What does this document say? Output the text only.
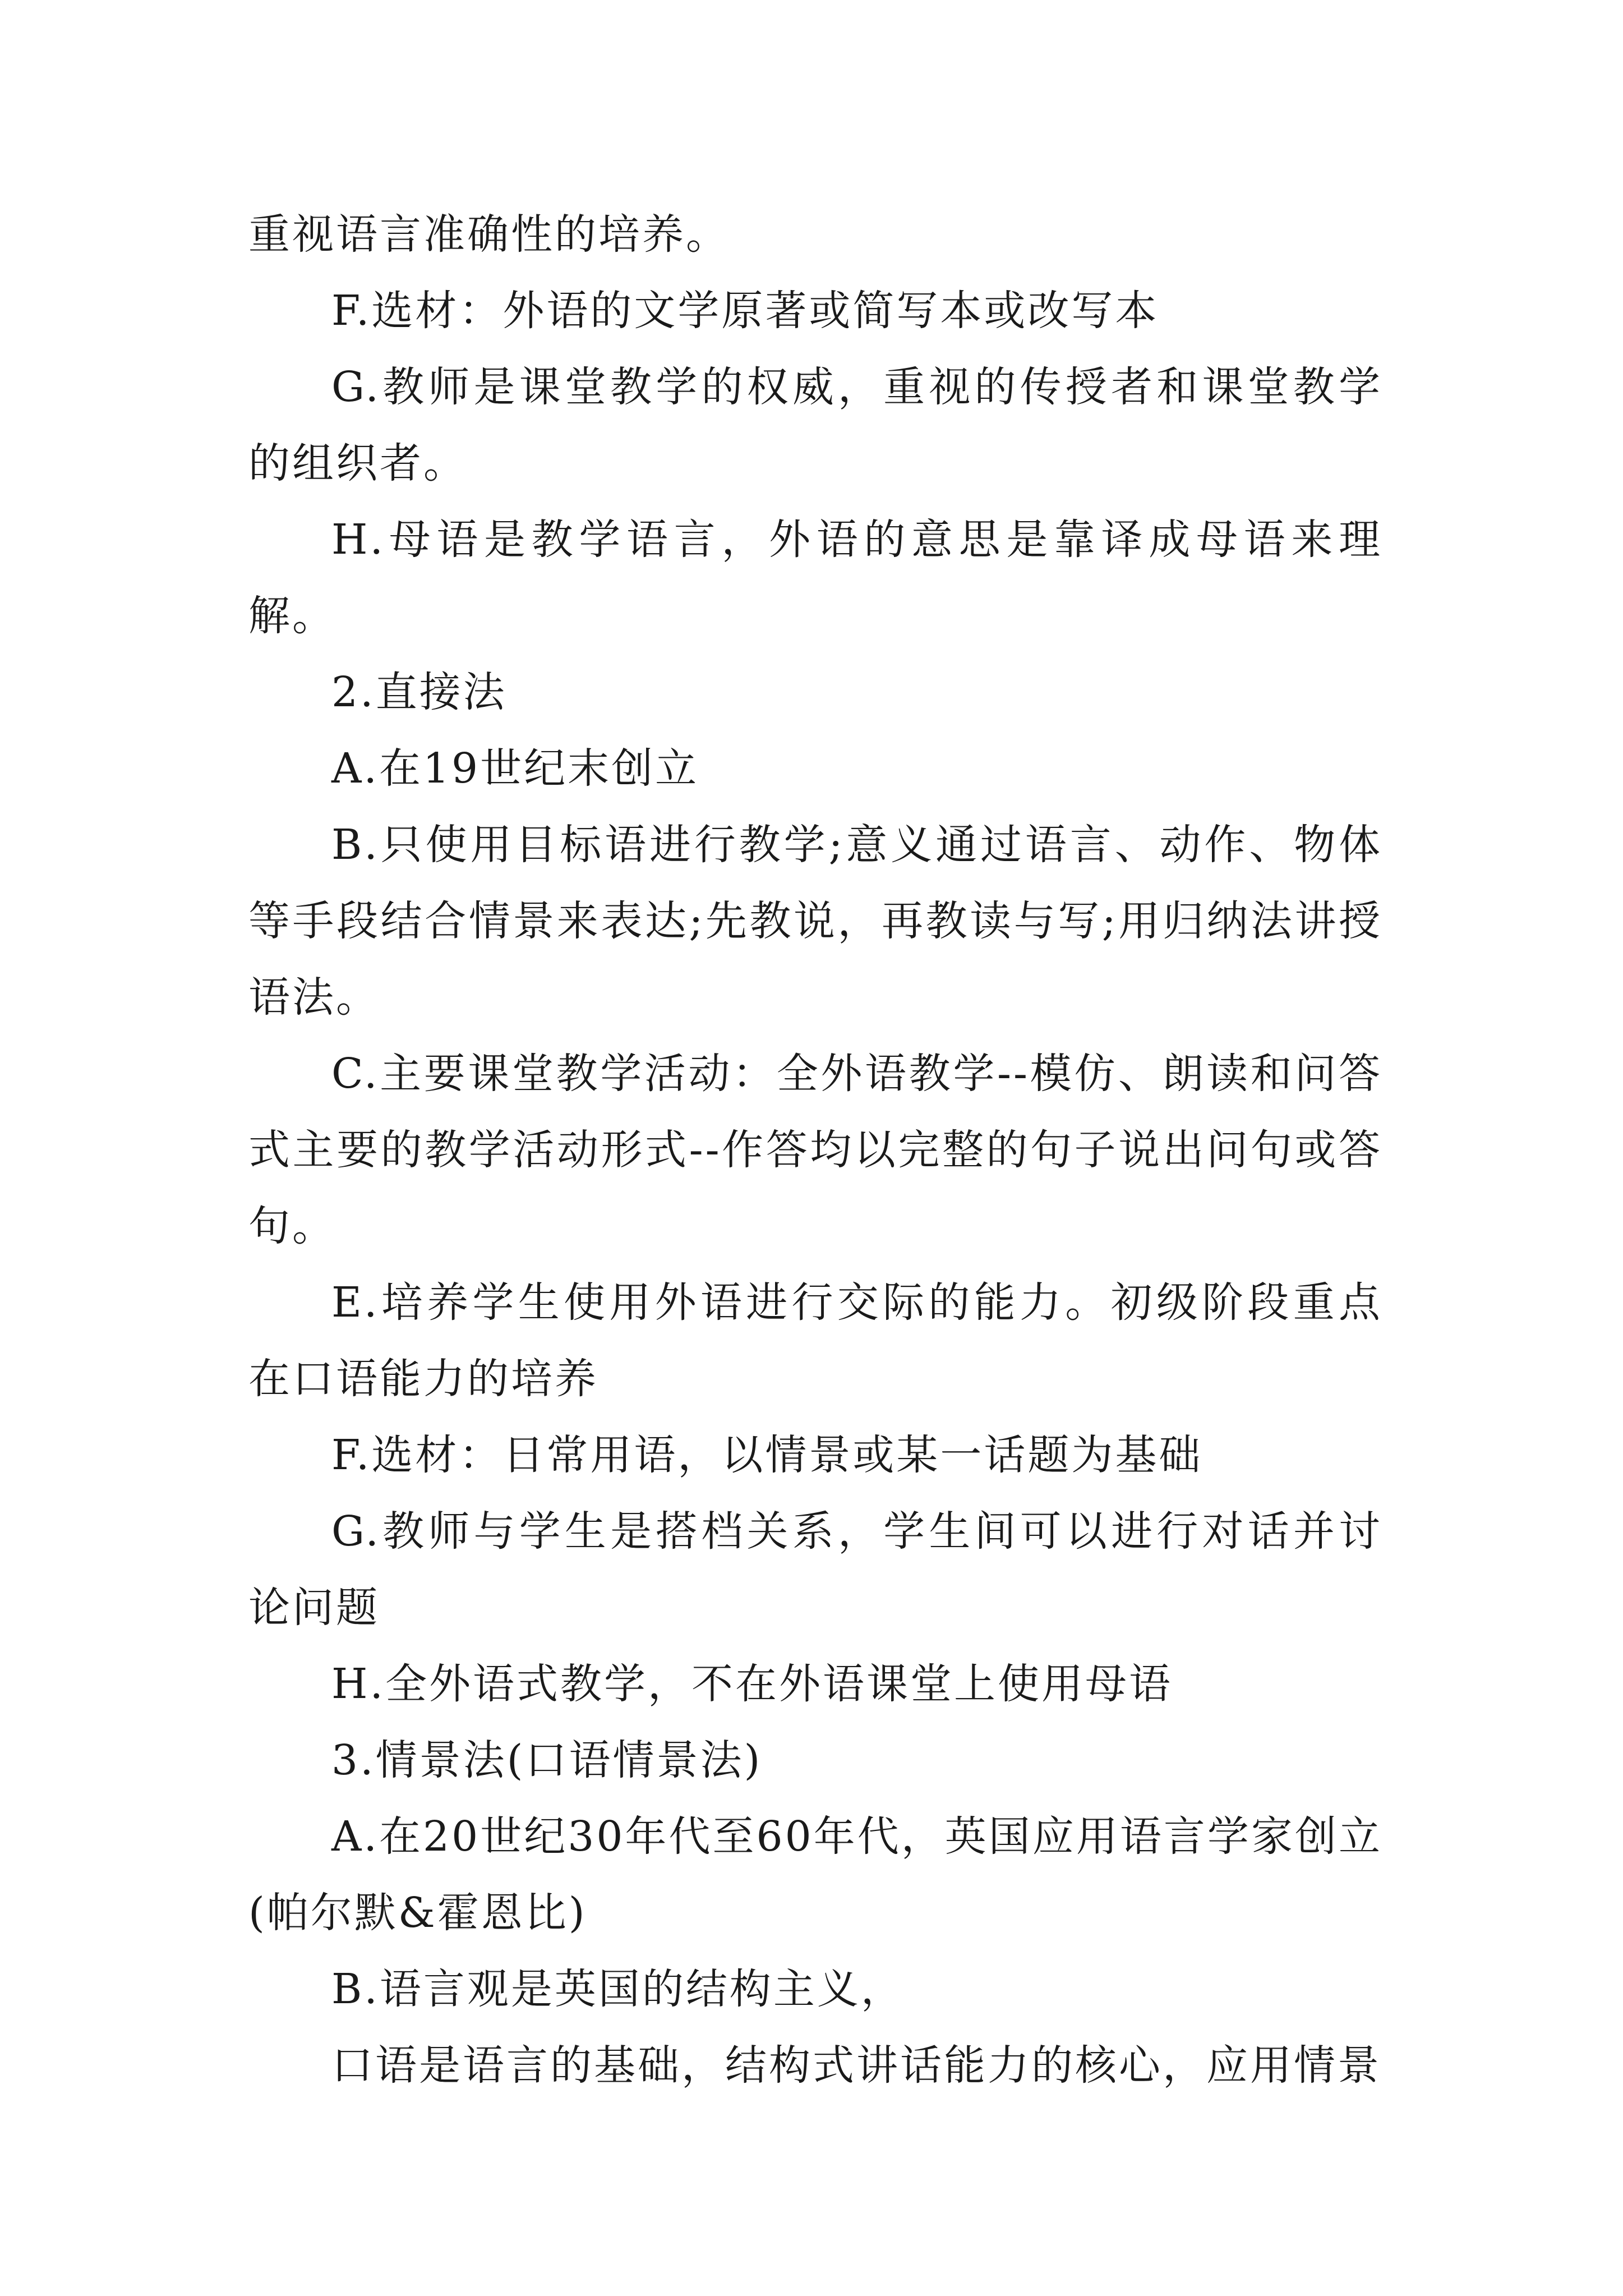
重视语言准确性的培养。

F.选材：外语的文学原著或简写本或改写本

G.教师是课堂教学的权威，重视的传授者和课堂教学的组织者。

H.母语是教学语言，外语的意思是靠译成母语来理解。

2.直接法

A.在19世纪末创立

B.只使用目标语进行教学;意义通过语言、动作、物体等手段结合情景来表达;先教说，再教读与写;用归纳法讲授语法。

C.主要课堂教学活动：全外语教学--模仿、朗读和问答式主要的教学活动形式--作答均以完整的句子说出问句或答句。

E.培养学生使用外语进行交际的能力。初级阶段重点在口语能力的培养

F.选材：日常用语，以情景或某一话题为基础

G.教师与学生是搭档关系，学生间可以进行对话并讨论问题

H.全外语式教学，不在外语课堂上使用母语

3.情景法(口语情景法)

A.在20世纪30年代至60年代，英国应用语言学家创立(帕尔默&霍恩比)

B.语言观是英国的结构主义，

口语是语言的基础，结构式讲话能力的核心，应用情景
